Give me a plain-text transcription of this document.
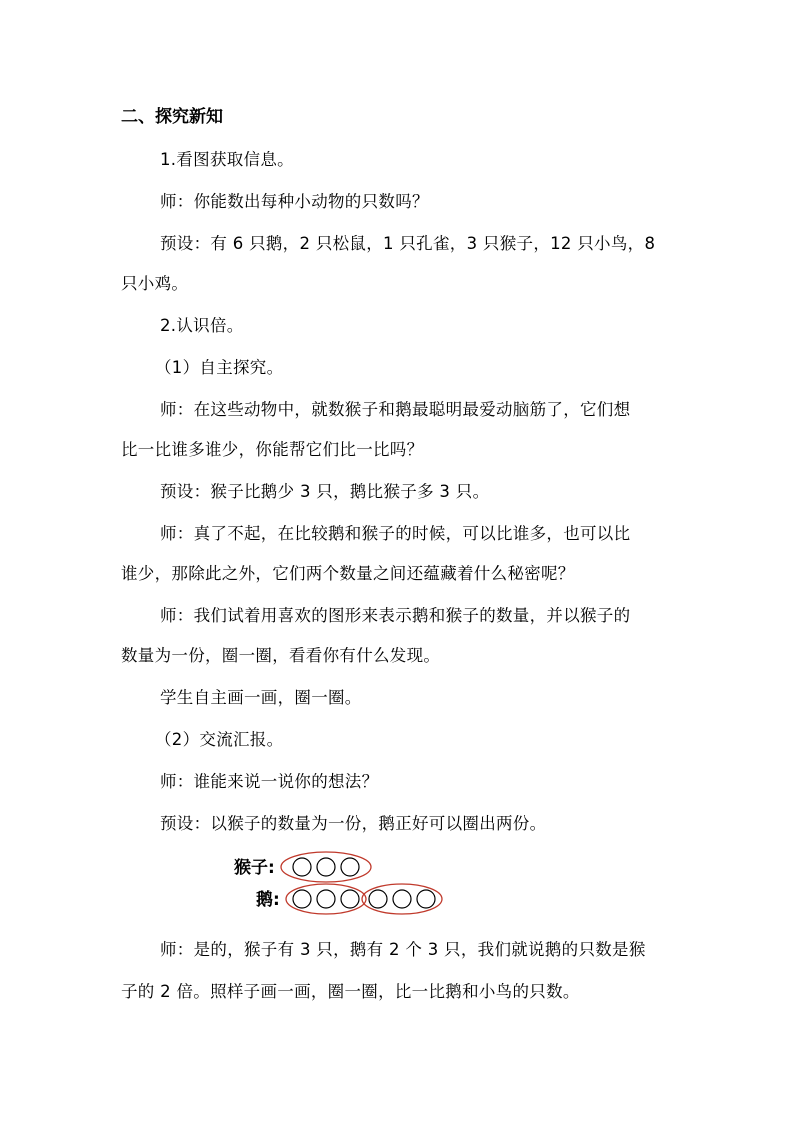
二、探究新知
1.看图获取信息。
师：你能数出每种小动物的只数吗？
预设：有 6 只鹅，2 只松鼠，1 只孔雀，3 只猴子，12 只小鸟，8
只小鸡。
2.认识倍。
（1）自主探究。
师：在这些动物中，就数猴子和鹅最聪明最爱动脑筋了，它们想
比一比谁多谁少，你能帮它们比一比吗？
预设：猴子比鹅少 3 只，鹅比猴子多 3 只。
师：真了不起，在比较鹅和猴子的时候，可以比谁多，也可以比
谁少，那除此之外，它们两个数量之间还蕴藏着什么秘密呢？
师：我们试着用喜欢的图形来表示鹅和猴子的数量，并以猴子的
数量为一份，圈一圈，看看你有什么发现。
学生自主画一画，圈一圈。
（2）交流汇报。
师：谁能来说一说你的想法？
预设：以猴子的数量为一份，鹅正好可以圈出两份。
猴子:
鹅:
师：是的，猴子有 3 只，鹅有 2 个 3 只，我们就说鹅的只数是猴
子的 2 倍。照样子画一画，圈一圈，比一比鹅和小鸟的只数。
